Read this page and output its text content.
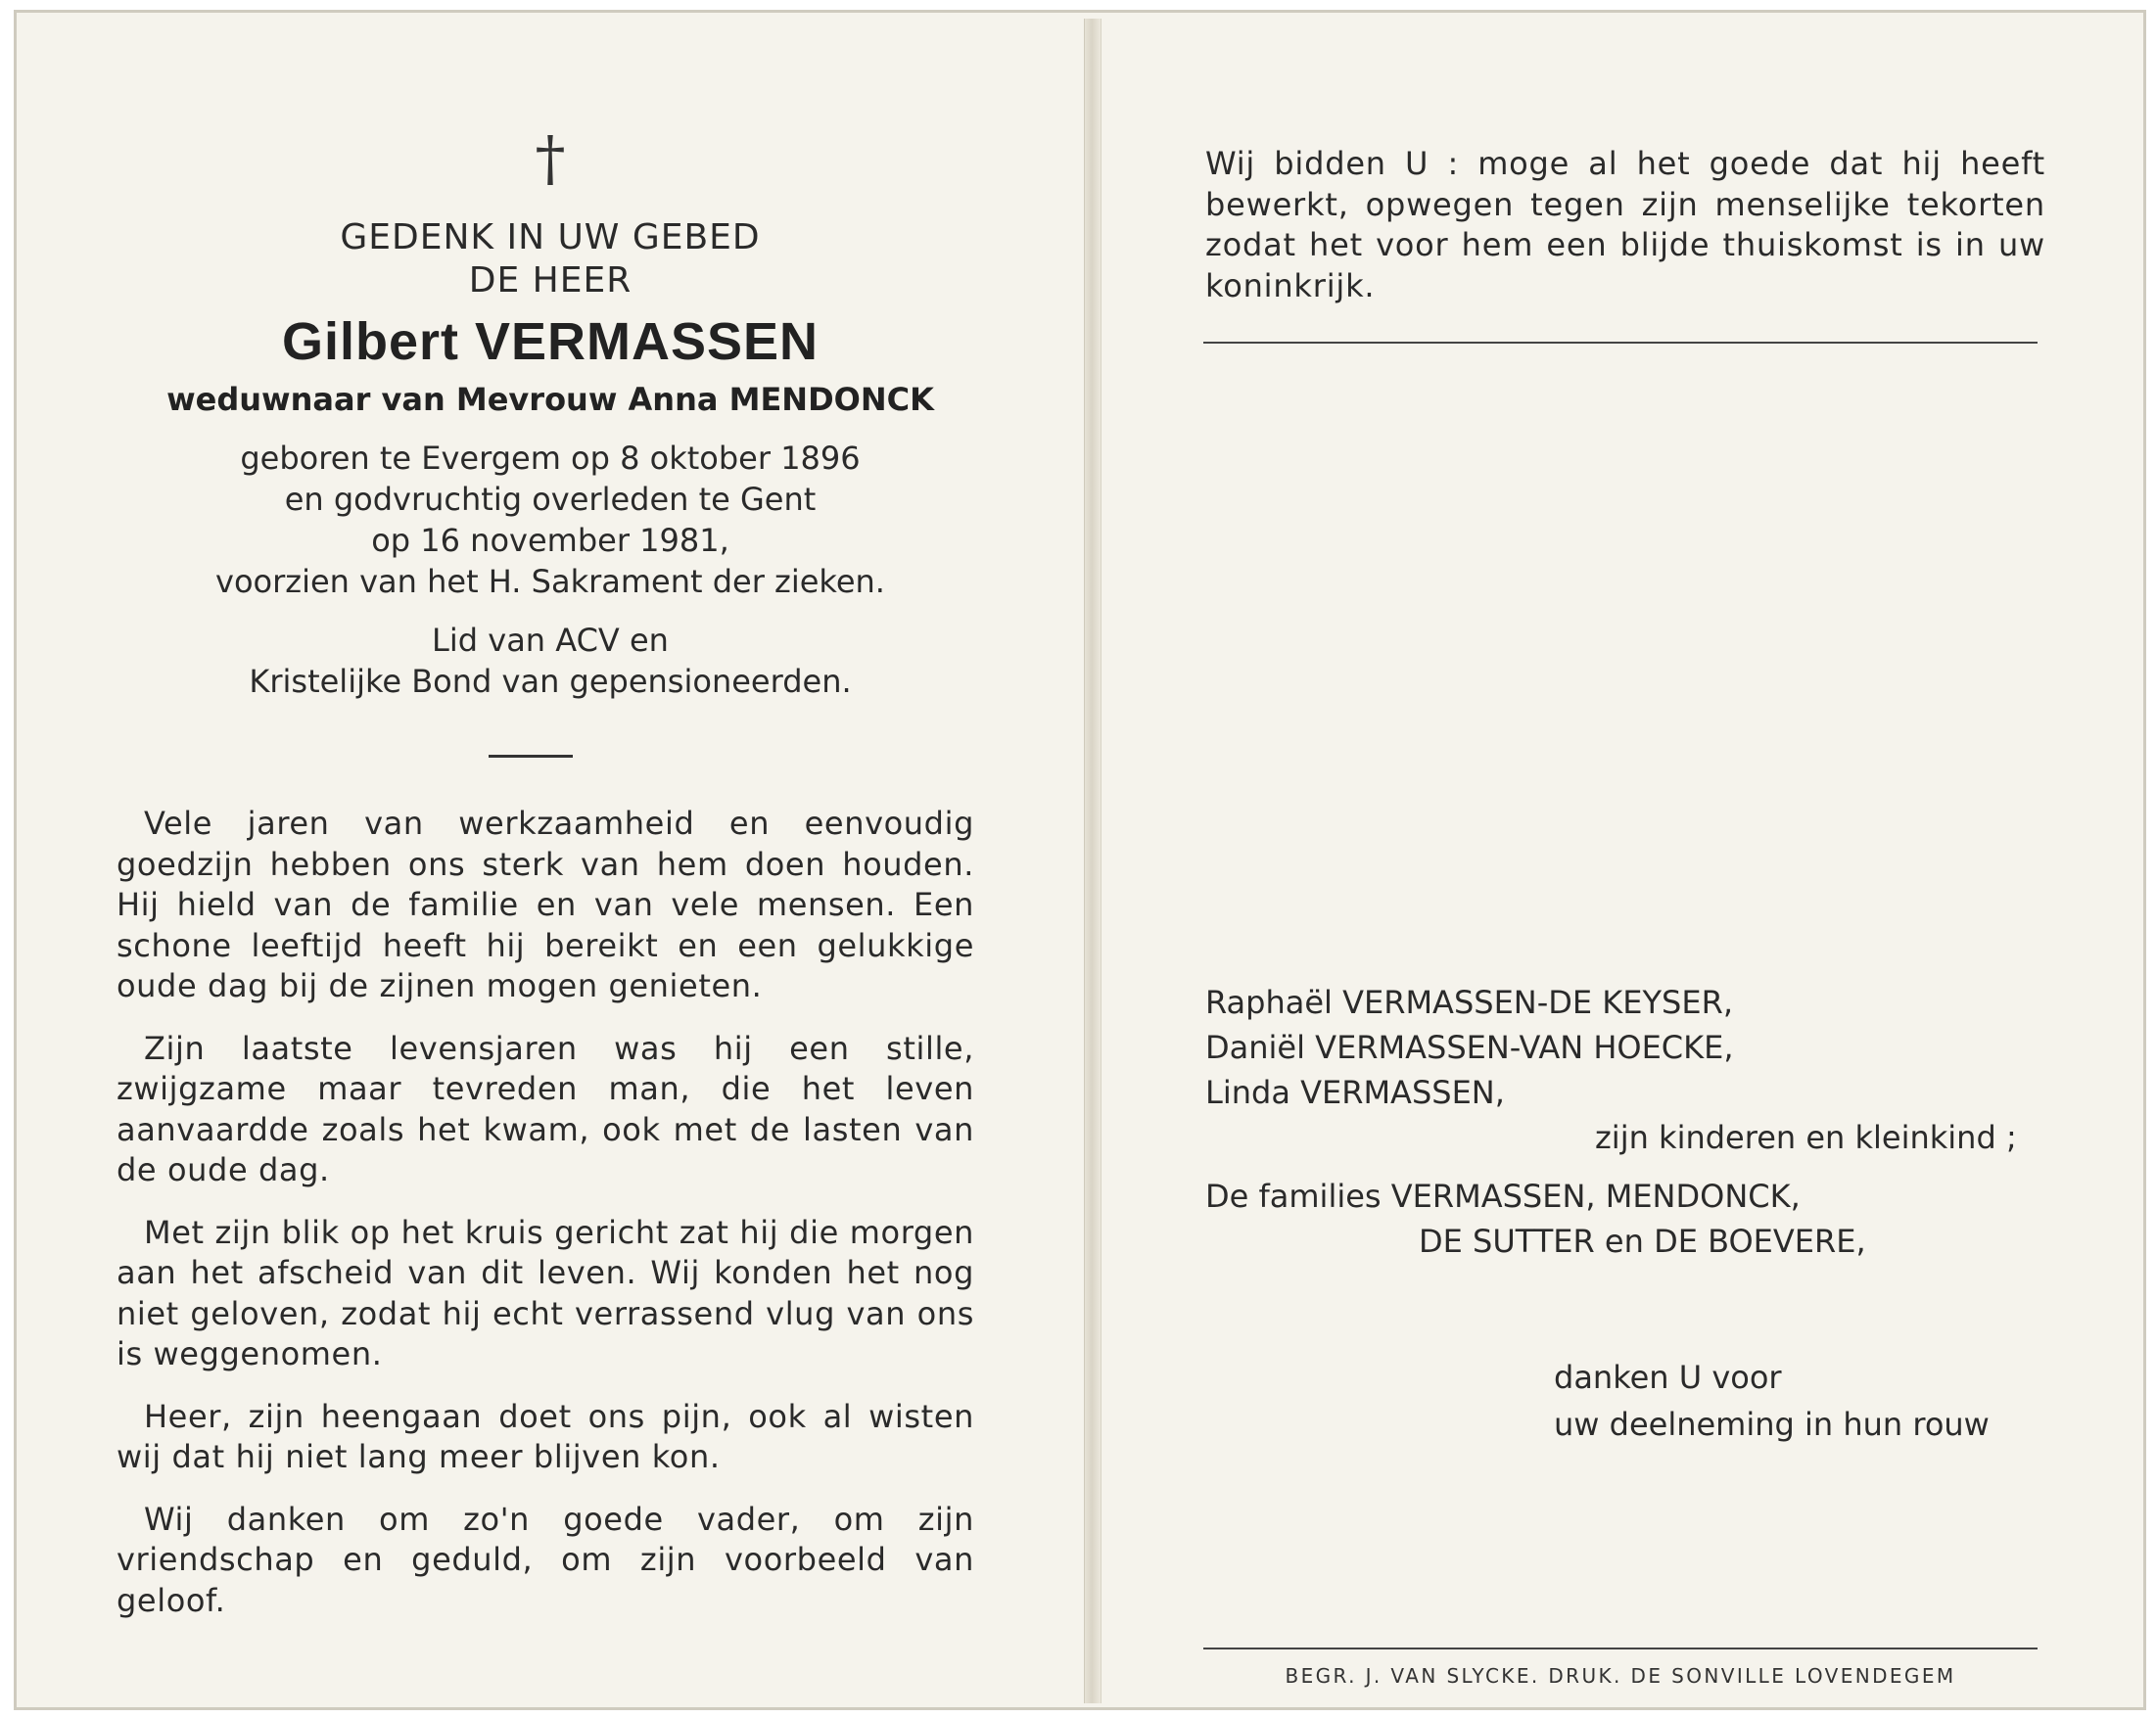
†
GEDENK IN UW GEBED
DE HEER
Gilbert VERMASSEN
weduwnaar van Mevrouw Anna MENDONCK
geboren te Evergem op 8 oktober 1896
en godvruchtig overleden te Gent
op 16 november 1981,
voorzien van het H. Sakrament der zieken.
Lid van ACV en
Kristelijke Bond van gepensioneerden.

Vele jaren van werkzaamheid en eenvoudig goedzijn hebben ons sterk van hem doen houden. Hij hield van de familie en van vele mensen. Een schone leeftijd heeft hij bereikt en een gelukkige oude dag bij de zijnen mogen genieten.

Zijn laatste levensjaren was hij een stille, zwijgzame maar tevreden man, die het leven aanvaardde zoals het kwam, ook met de lasten van de oude dag.

Met zijn blik op het kruis gericht zat hij die morgen aan het afscheid van dit leven. Wij konden het nog niet geloven, zodat hij echt verrassend vlug van ons is weggenomen.

Heer, zijn heengaan doet ons pijn, ook al wisten wij dat hij niet lang meer blijven kon.

Wij danken om zo'n goede vader, om zijn vriendschap en geduld, om zijn voorbeeld van geloof.

Wij bidden U : moge al het goede dat hij heeft bewerkt, opwegen tegen zijn menselijke tekorten zodat het voor hem een blijde thuiskomst is in uw koninkrijk.
Raphaël VERMASSEN-DE KEYSER,
Daniël VERMASSEN-VAN HOECKE,
Linda VERMASSEN,
zijn kinderen en kleinkind ;
De families VERMASSEN, MENDONCK,
DE SUTTER en DE BOEVERE,
danken U voor
uw deelneming in hun rouw
BEGR. J. VAN SLYCKE. DRUK. DE SONVILLE LOVENDEGEM
